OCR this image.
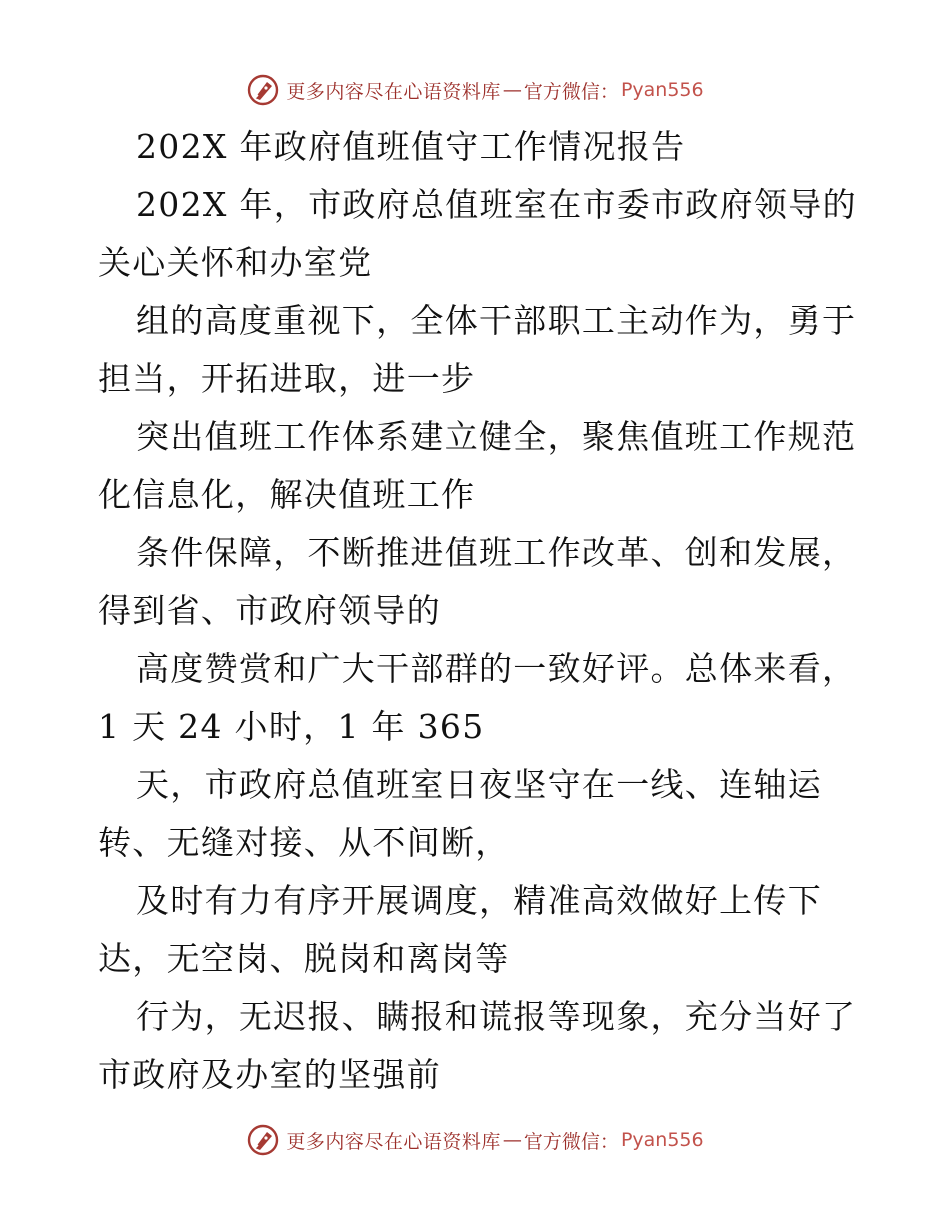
更多内容尽在心语资料库 — 官方微信： Pyan556
202X 年政府值班值守工作情况报告
202X 年，市政府总值班室在市委市政府领导的
关心关怀和办室党
组的高度重视下，全体干部职工主动作为，勇于
担当，开拓进取，进一步
突出值班工作体系建立健全，聚焦值班工作规范
化信息化，解决值班工作
条件保障，不断推进值班工作改革、创和发展，
得到省、市政府领导的
高度赞赏和广大干部群的一致好评。总体来看，
1 天 24 小时，1 年 365
天，市政府总值班室日夜坚守在一线、连轴运
转、无缝对接、从不间断，
及时有力有序开展调度，精准高效做好上传下
达，无空岗、脱岗和离岗等
行为，无迟报、瞒报和谎报等现象，充分当好了
市政府及办室的坚强前
更多内容尽在心语资料库 — 官方微信： Pyan556
